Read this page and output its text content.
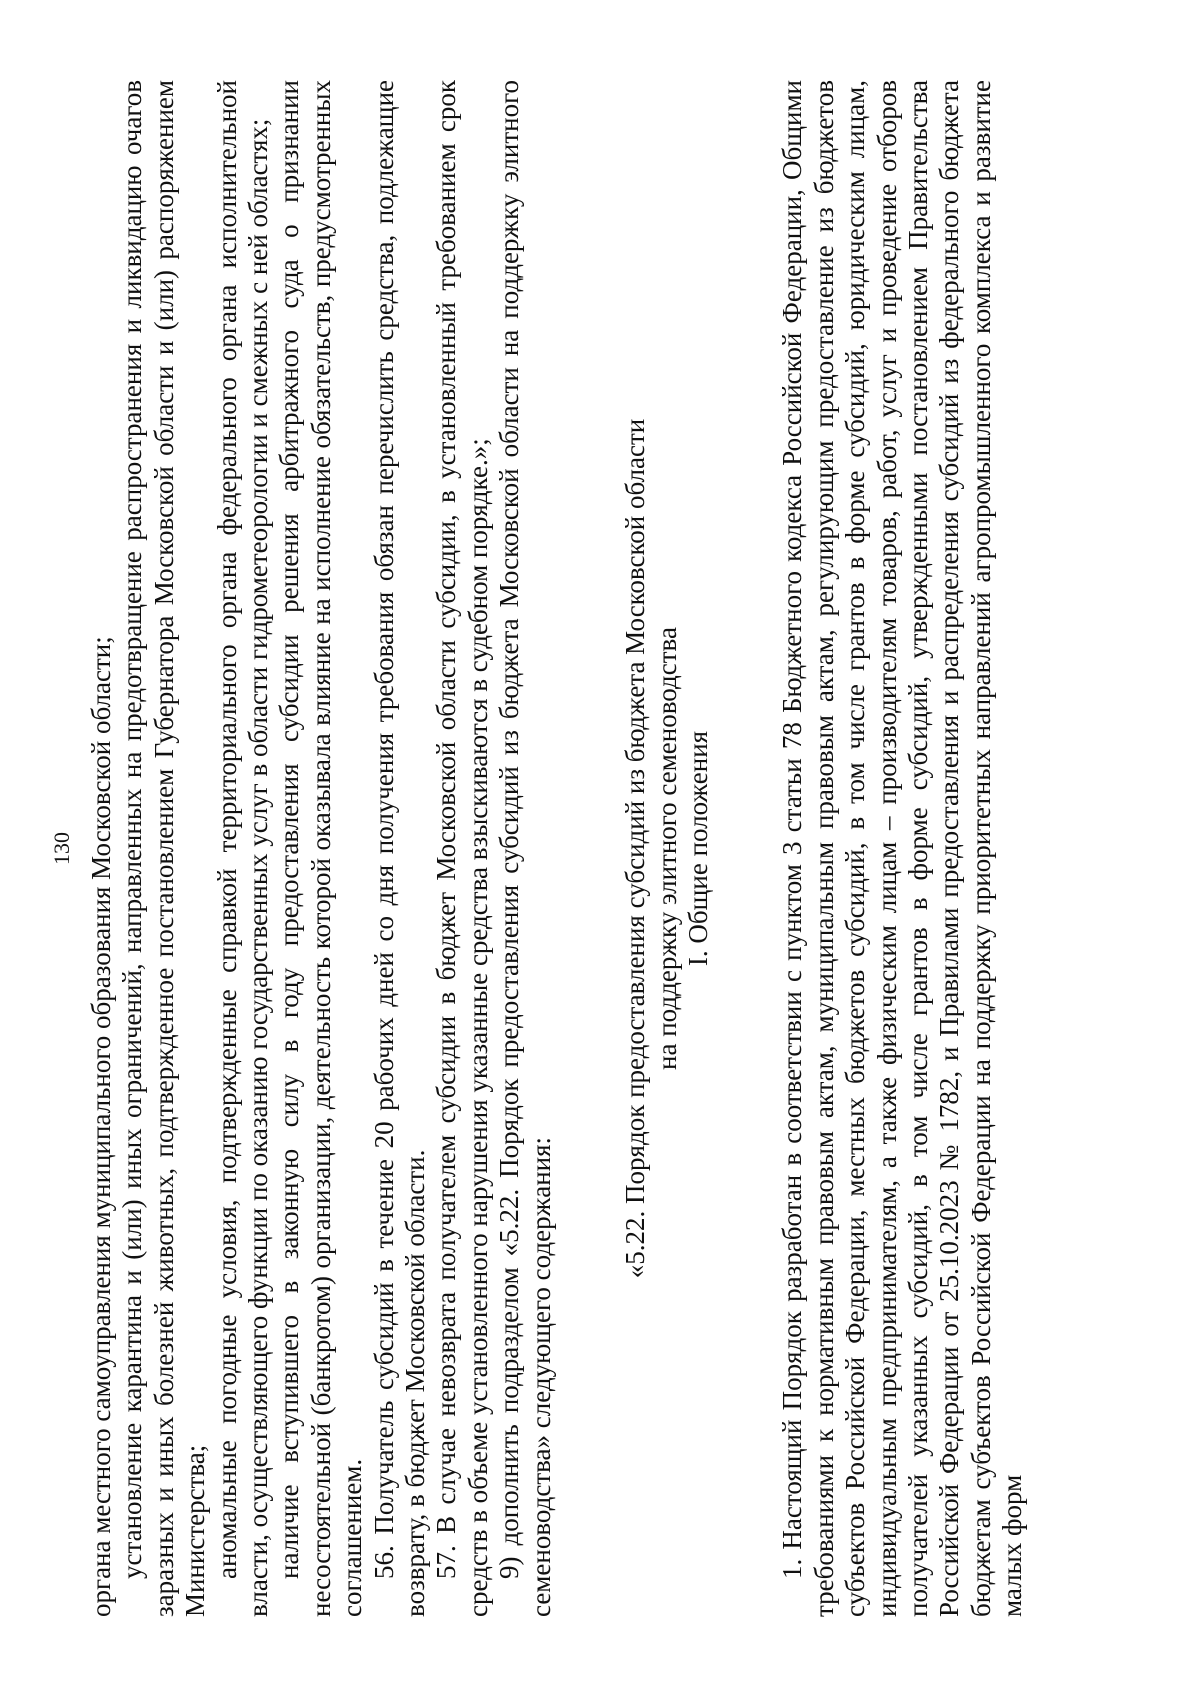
130 органа местного самоуправления муниципального образования Московской области; установление карантина и (или) иных ограничений, направленных на предотвращение распространения и ликвидацию очагов заразных и иных болезней животных, подтвержденное постановлением Губернатора Московской области и (или) распоряжением Министерства; аномальные погодные условия, подтвержденные справкой территориального органа федерального органа исполнительной власти, осуществляющего функции по оказанию государственных услуг в области гидрометеорологии и смежных с ней областях; наличие вступившего в законную силу в году предоставления субсидии решения арбитражного суда о признании несостоятельной (банкротом) организации, деятельность которой оказывала влияние на исполнение обязательств, предусмотренных соглашением. 56. Получатель субсидий в течение 20 рабочих дней со дня получения требования обязан перечислить средства, подлежащие возврату, в бюджет Московской области. 57. В случае невозврата получателем субсидии в бюджет Московской области субсидии, в установленный требованием срок средств в объеме установленного нарушения указанные средства взыскиваются в судебном порядке.»; 9) дополнить подразделом «5.22. Порядок предоставления субсидий из бюджета Московской области на поддержку элитного семеноводства» следующего содержания:

«5.22. Порядок предоставления субсидий из бюджета Московской области на поддержку элитного семеноводства I. Общие положения 1. Настоящий Порядок разработан в соответствии с пунктом 3 статьи 78 Бюджетного кодекса Российской Федерации, Общими требованиями к нормативным правовым актам, муниципальным правовым актам, регулирующим предоставление из бюджетов субъектов Российской Федерации, местных бюджетов субсидий, в том числе грантов в форме субсидий, юридическим лицам, индивидуальным предпринимателям, а также физическим лицам – производителям товаров, работ, услуг и проведение отборов получателей указанных субсидий, в том числе грантов в форме субсидий, утвержденными постановлением Правительства Российской Федерации от 25.10.2023 № 1782, и Правилами предоставления и распределения субсидий из федерального бюджета бюджетам субъектов Российской Федерации на поддержку приоритетных направлений агропромышленного комплекса и развитие малых форм
